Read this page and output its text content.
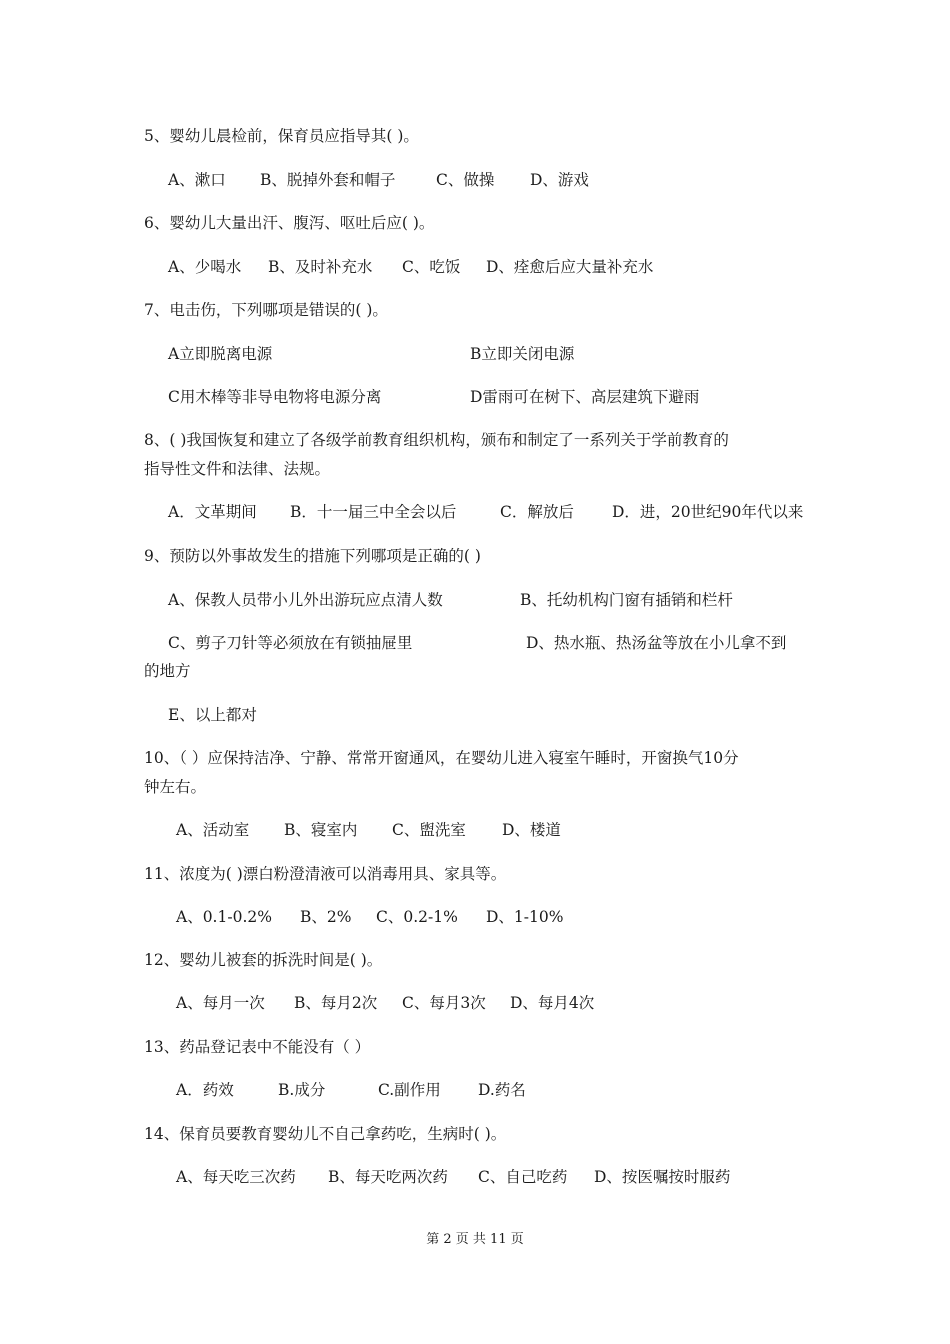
5、婴幼儿晨检前，保育员应指导其( )。
A、漱口 B、脱掉外套和帽子	C、做操 D、游戏
6、婴幼儿大量出汗、腹泻、呕吐后应( )。
A、少喝水 B、及时补充水 C、吃饭 D、痊愈后应大量补充水
7、电击伤，下列哪项是错误的( )。
A立即脱离电源	B立即关闭电源
C用木棒等非导电物将电源分离	D雷雨可在树下、高层建筑下避雨
8、( )我国恢复和建立了各级学前教育组织机构，颁布和制定了一系列关于学前教育的
指导性文件和法律、法规。
A．文革期间 B．十一届三中全会以后	C．解放后 D．进，20世纪90年代以来
9、预防以外事故发生的措施下列哪项是正确的( )
A、保教人员带小儿外出游玩应点清人数	B、托幼机构门窗有插销和栏杆
C、剪子刀针等必须放在有锁抽屉里	D、热水瓶、热汤盆等放在小儿拿不到
的地方
E、以上都对
10、（ ）应保持洁净、宁静、常常开窗通风，在婴幼儿进入寝室午睡时，开窗换气10分
钟左右。
A、活动室 B、寝室内 C、盥洗室 D、楼道
11、浓度为( )漂白粉澄清液可以消毒用具、家具等。
A、0.1-0.2% B、2% C、0.2-1% D、1-10%
12、婴幼儿被套的拆洗时间是( )。
A、每月一次 B、每月2次 C、每月3次 D、每月4次
13、药品登记表中不能没有（ ）
A．药效	B.成分	C.副作用 D.药名
14、保育员要教育婴幼儿不自己拿药吃，生病时( )。
A、每天吃三次药 B、每天吃两次药 C、自己吃药 D、按医嘱按时服药
第 2 页 共 11 页
